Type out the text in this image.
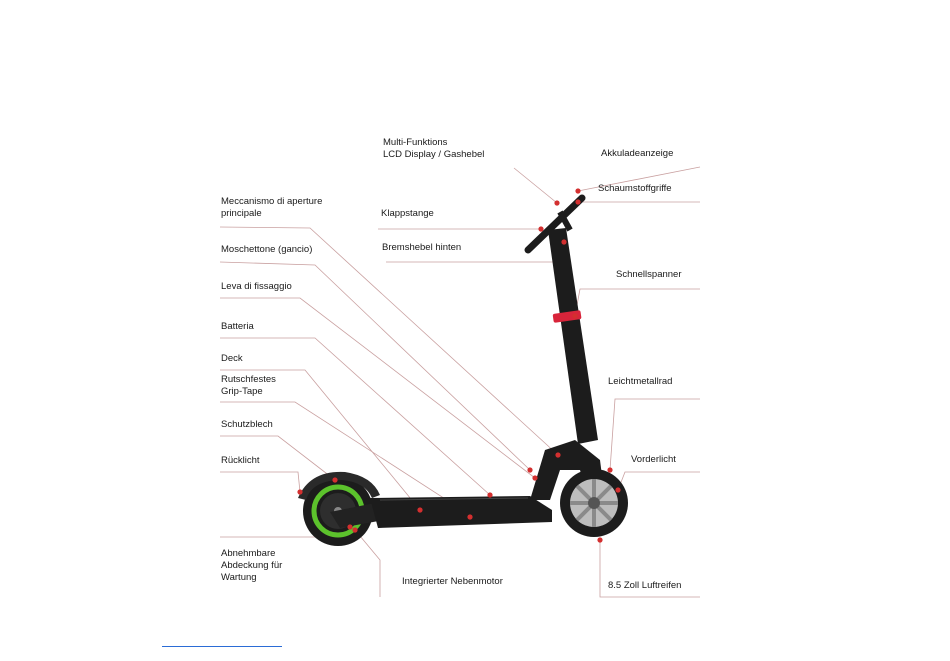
Multi-Funktions
LCD Display / Gashebel	Akkuladeanzeige
Schaumstoffgriffe
Meccanismo di aperture
principale	Klappstange
Moschettone (gancio)	Bremshebel hinten
Schnellspanner
Leva di fissaggio
Batteria
Deck
Rutschfestes
Grip-Tape
Leichtmetallrad
Schutzblech
Vorderlicht
Rücklicht
Abnehmbare
Abdeckung für
Wartung	Integrierter Nebenmotor	8.5 Zoll Luftreifen
